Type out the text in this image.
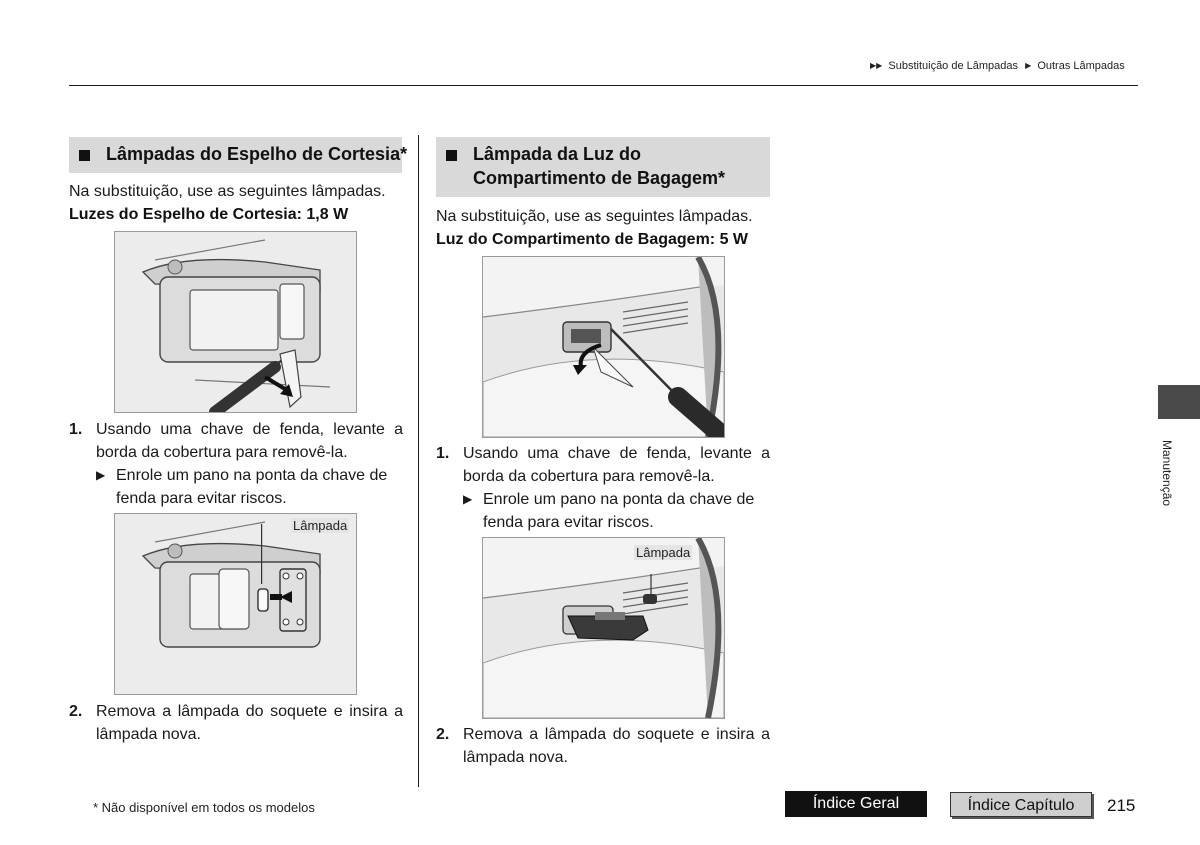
▶▶ Substituição de Lâmpadas ▶ Outras Lâmpadas
Lâmpadas do Espelho de Cortesia*
Na substituição, use as seguintes lâmpadas.
Luzes do Espelho de Cortesia: 1,8 W
1. Usando uma chave de fenda, levante a borda da cobertura para removê-la.
▶ Enrole um pano na ponta da chave de fenda para evitar riscos.
Lâmpada
2. Remova a lâmpada do soquete e insira a lâmpada nova.
Lâmpada da Luz do
Compartimento de Bagagem*
Na substituição, use as seguintes lâmpadas.
Luz do Compartimento de Bagagem: 5 W
1. Usando uma chave de fenda, levante a borda da cobertura para removê-la.
▶ Enrole um pano na ponta da chave de fenda para evitar riscos.
Lâmpada
2. Remova a lâmpada do soquete e insira a lâmpada nova.
Manutenção
* Não disponível em todos os modelos	Índice Geral	Índice Capítulo	215
